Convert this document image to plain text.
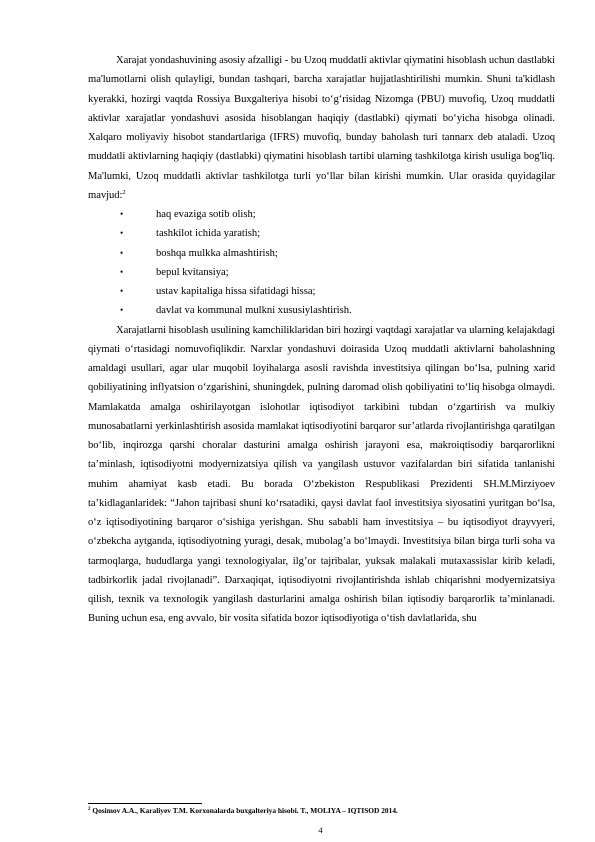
Xarajat yondashuvining asosiy afzalligi - bu Uzoq muddatli aktivlar qiymatini hisoblash uchun dastlabki ma'lumotlarni olish qulayligi, bundan tashqari, barcha xarajatlar hujjatlashtirilishi mumkin. Shuni ta'kidlash kyerakki, hozirgi vaqtda Rossiya Buxgalteriya hisobi to‘g‘risidag Nizomga (PBU) muvofiq, Uzoq muddatli aktivlar xarajatlar yondashuvi asosida hisoblangan haqiqiy (dastlabki) qiymati bo‘yicha hisobga olinadi. Xalqaro moliyaviy hisobot standartlariga (IFRS) muvofiq, bunday baholash turi tannarx deb ataladi. Uzoq muddatli aktivlarning haqiqiy (dastlabki) qiymatini hisoblash tartibi ularning tashkilotga kirish usuliga bog'liq. Ma'lumki, Uzoq muddatli aktivlar tashkilotga turli yo‘llar bilan kirishi mumkin. Ular orasida quyidagilar mavjud:$^2$

•	haq evaziga sotib olish;
•	tashkilot ichida yaratish;
•	boshqa mulkka almashtirish;
•	bepul kvitansiya;
•	ustav kapitaliga hissa sifatidagi hissa;
•	davlat va kommunal mulkni xususiylashtirish.

Xarajatlarni hisoblash usulining kamchiliklaridan biri hozirgi vaqtdagi xarajatlar va ularning kelajakdagi qiymati o‘rtasidagi nomuvofiqlikdir. Narxlar yondashuvi doirasida Uzoq muddatli aktivlarni baholashning amaldagi usullari, agar ular muqobil loyihalarga asosli ravishda investitsiya qilingan bo‘lsa, pulning xarid qobiliyatining inflyatsion o‘zgarishini, shuningdek, pulning daromad olish qobiliyatini to‘liq hisobga olmaydi. Mamlakatda amalga oshirilayotgan islohotlar iqtisodiyot tarkibini tubdan o‘zgartirish va mulkiy munosabatlarni yerkinlashtirish asosida mamlakat iqtisodiyotini barqaror sur’atlarda rivojlantirishga qaratilgan bo‘lib, inqirozga qarshi choralar dasturini amalga oshirish jarayoni esa, makroiqtisodiy barqarorlikni ta’minlash, iqtisodiyotni modyernizatsiya qilish va yangilash ustuvor vazifalardan biri sifatida tanlanishi muhim ahamiyat kasb etadi. Bu borada O‘zbekiston Respublikasi Prezidenti SH.M.Mirziyoev ta’kidlaganlaridek: “Jahon tajribasi shuni ko‘rsatadiki, qaysi davlat faol investitsiya siyosatini yuritgan bo‘lsa, o‘z iqtisodiyotining barqaror o‘sishiga yerishgan. Shu sababli ham investitsiya – bu iqtisodiyot drayvyeri, o‘zbekcha aytganda, iqtisodiyotning yuragi, desak, mubolag’a bo‘lmaydi. Investitsiya bilan birga turli soha va tarmoqlarga, hududlarga yangi texnologiyalar, ilg’or tajribalar, yuksak malakali mutaxassislar kirib keladi, tadbirkorlik jadal rivojlanadi”. Darxaqiqat, iqtisodiyotni rivojlantirishda ishlab chiqarishni modyernizatsiya qilish, texnik va texnologik yangilash dasturlarini amalga oshirish bilan iqtisodiy barqarorlik ta’minlanadi. Buning uchun esa, eng avvalo, bir vosita sifatida bozor iqtisodiyotiga o‘tish davlatlarida, shu

$^2$ Qosimov A.A., Karaliyev T.M. Korxonalarda buxgalteriya hisobi. T., MOLIYA – IQTISOD 2014.
4
